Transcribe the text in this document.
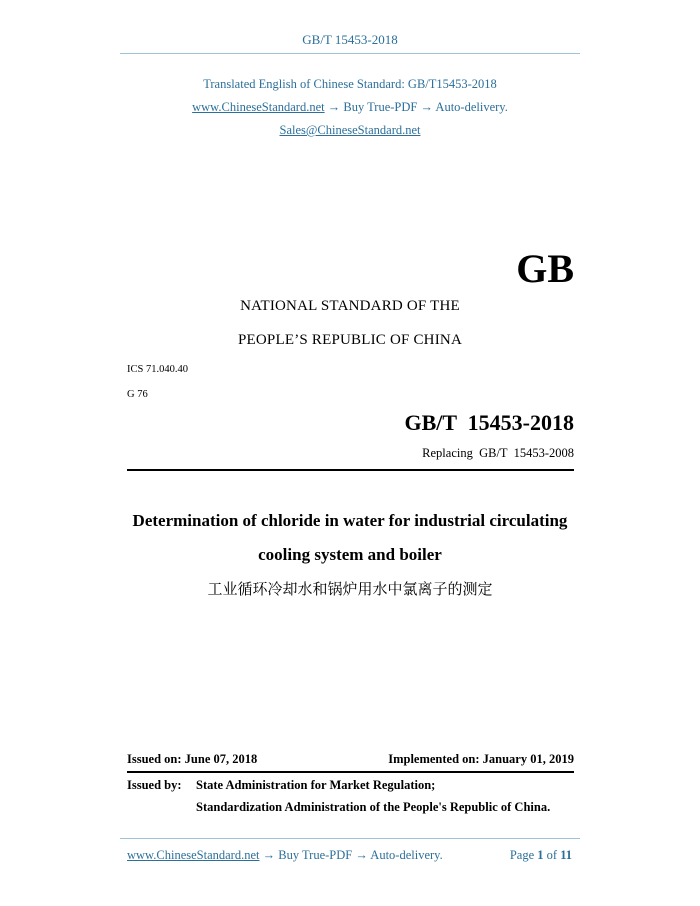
GB/T 15453-2018
Translated English of Chinese Standard: GB/T15453-2018
www.ChineseStandard.net → Buy True-PDF → Auto-delivery.
Sales@ChineseStandard.net
GB
NATIONAL STANDARD OF THE
PEOPLE’S REPUBLIC OF CHINA
ICS 71.040.40
G 76
GB/T  15453-2018
Replacing  GB/T  15453-2008
Determination of chloride in water for industrial circulating
cooling system and boiler
工业循环冷却水和锅炉用水中氯离子的测定
Issued on: June 07, 2018	Implemented on: January 01, 2019
Issued by: State Administration for Market Regulation;
Standardization Administration of the People's Republic of China.
www.ChineseStandard.net → Buy True-PDF → Auto-delivery.	Page 1 of 11
